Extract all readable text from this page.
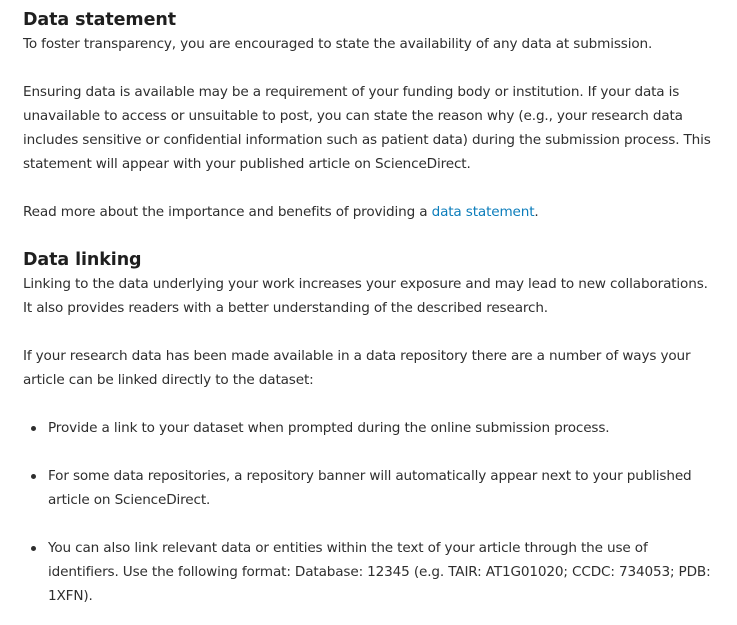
Data statement

To foster transparency, you are encouraged to state the availability of any data at submission.

Ensuring data is available may be a requirement of your funding body or institution. If your data is unavailable to access or unsuitable to post, you can state the reason why (e.g., your research data includes sensitive or confidential information such as patient data) during the submission process. This statement will appear with your published article on ScienceDirect.

Read more about the importance and benefits of providing a data statement.

Data linking

Linking to the data underlying your work increases your exposure and may lead to new collaborations. It also provides readers with a better understanding of the described research.

If your research data has been made available in a data repository there are a number of ways your article can be linked directly to the dataset:

Provide a link to your dataset when prompted during the online submission process.
For some data repositories, a repository banner will automatically appear next to your published article on ScienceDirect.
You can also link relevant data or entities within the text of your article through the use of identifiers. Use the following format: Database: 12345 (e.g. TAIR: AT1G01020; CCDC: 734053; PDB: 1XFN).
